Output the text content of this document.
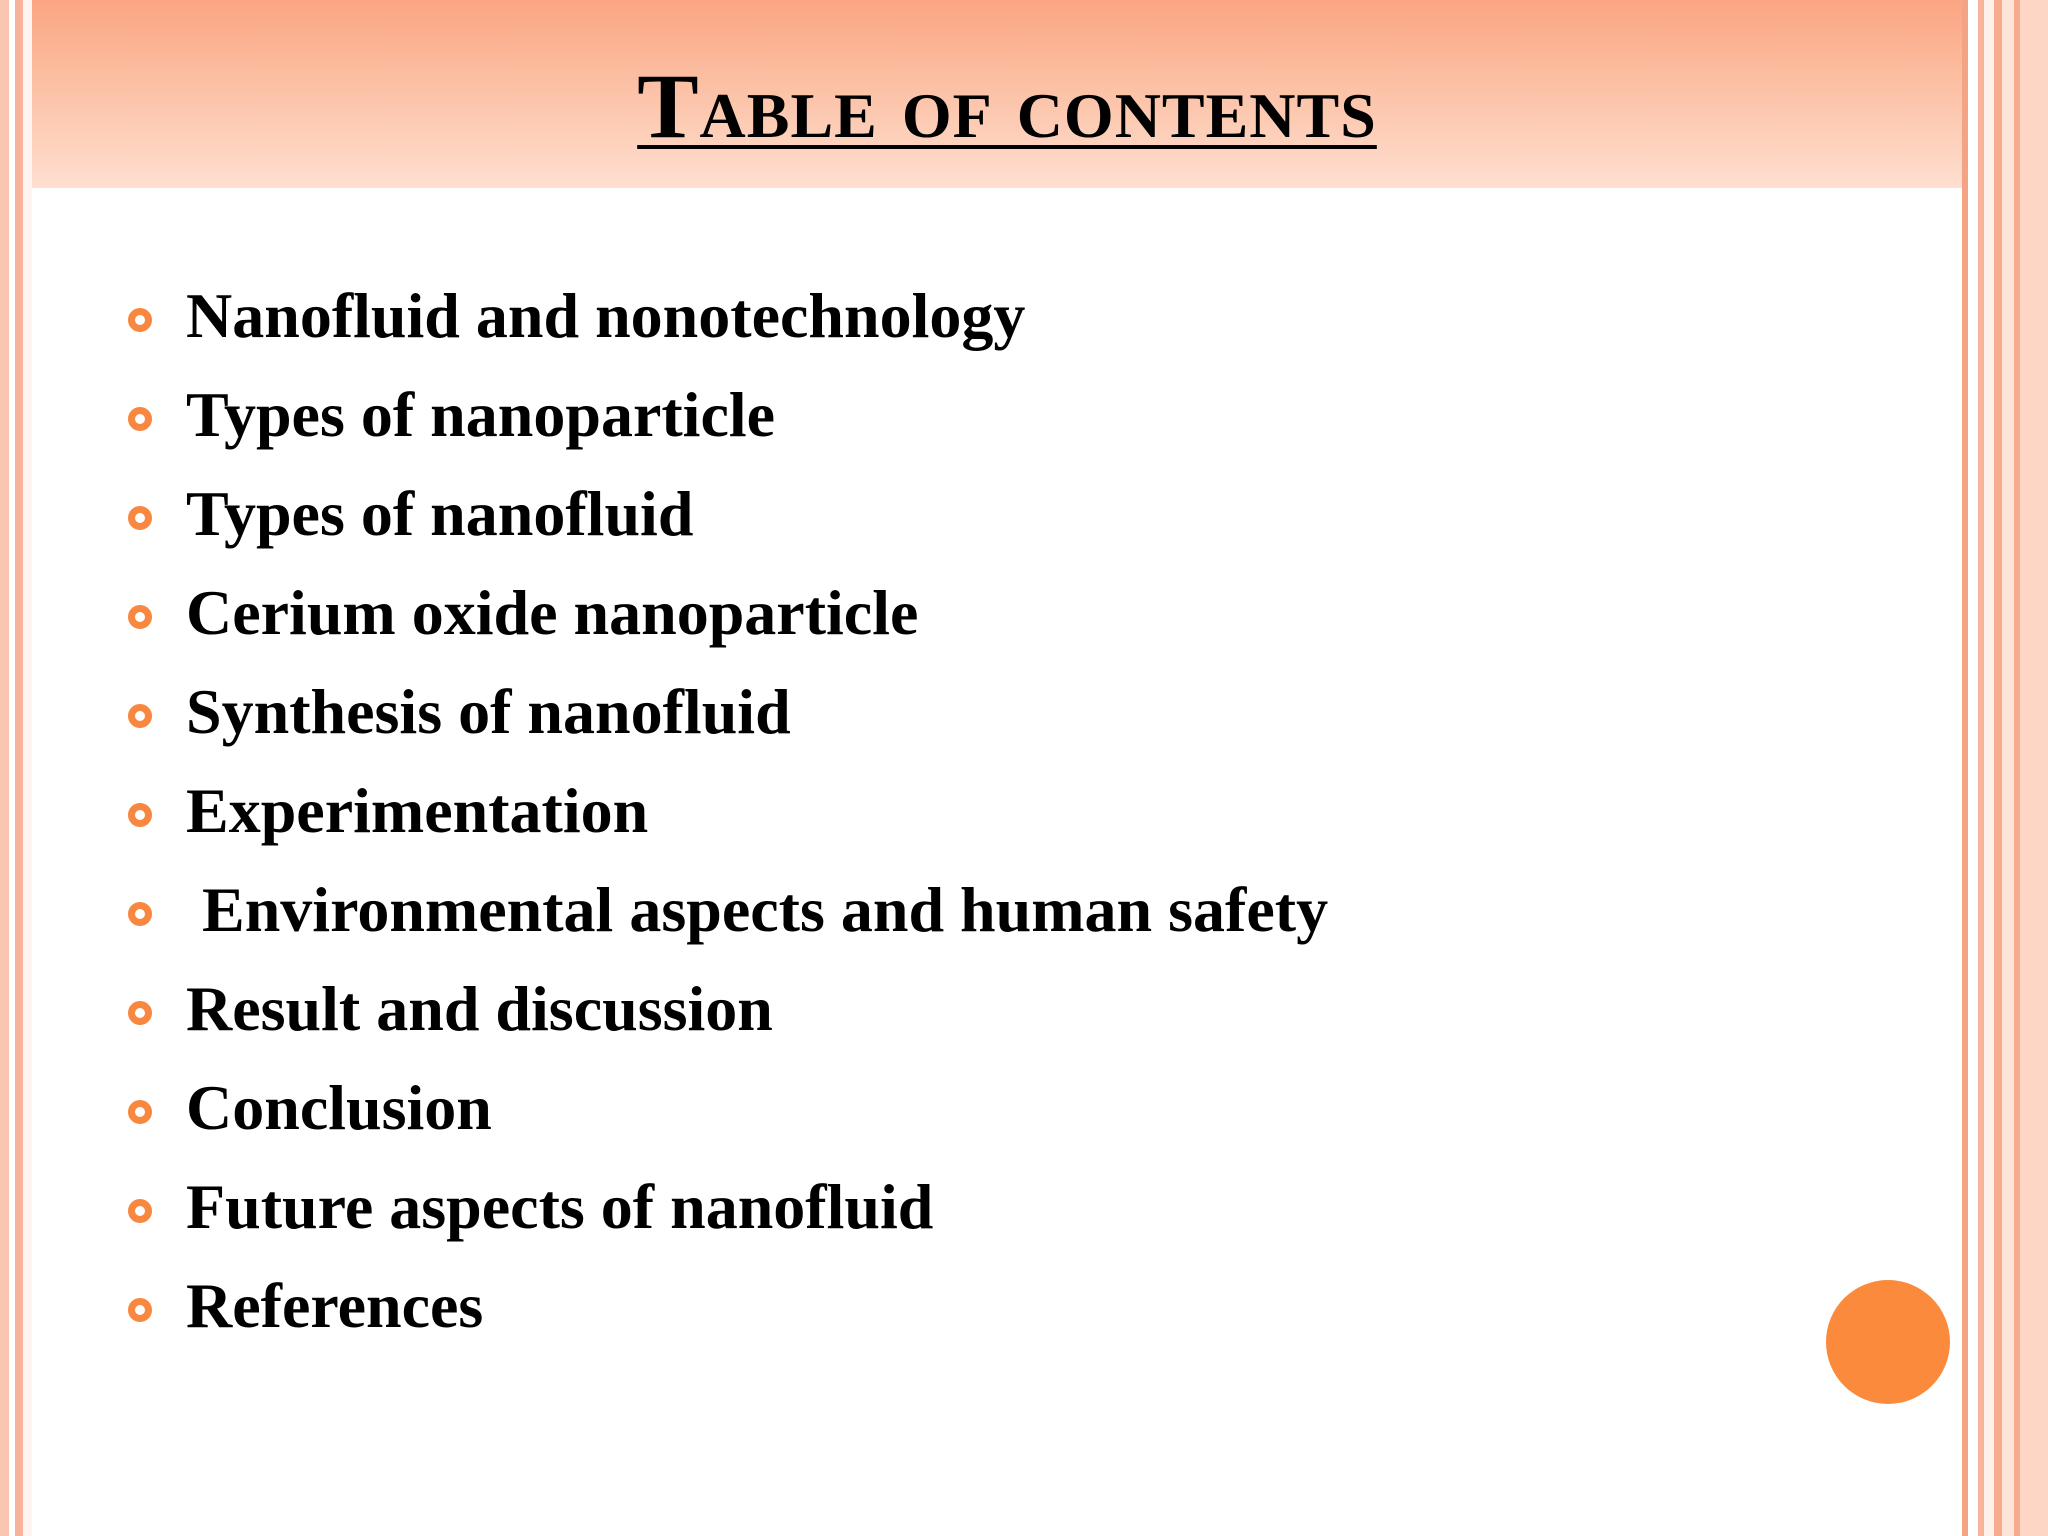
Table of contents
Nanofluid and nonotechnology
Types of nanoparticle
Types of nanofluid
Cerium oxide nanoparticle
Synthesis of nanofluid
Experimentation
Environmental aspects and human safety
Result and discussion
Conclusion
Future aspects of nanofluid
References
